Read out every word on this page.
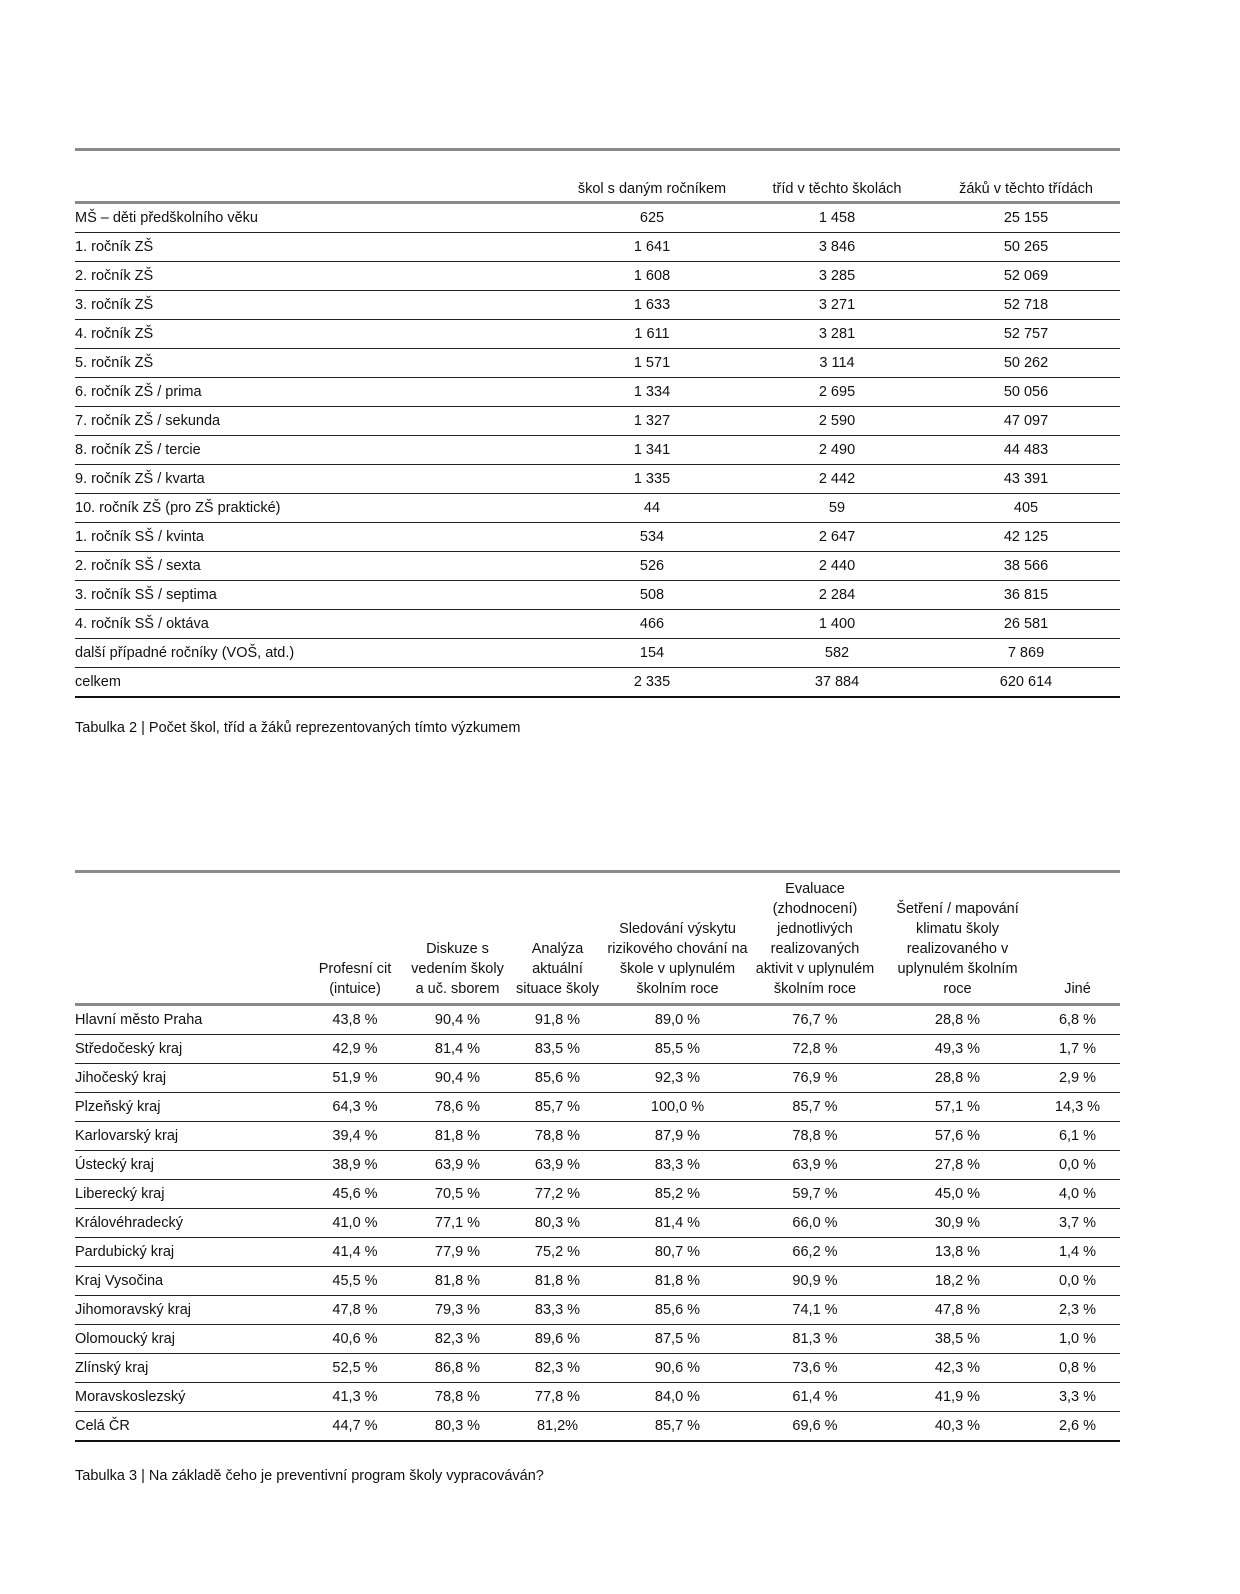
	škol s daným ročníkem	tříd v těchto školách	žáků v těchto třídách
MŠ – děti předškolního věku	625	1 458	25 155
1. ročník ZŠ	1 641	3 846	50 265
2. ročník ZŠ	1 608	3 285	52 069
3. ročník ZŠ	1 633	3 271	52 718
4. ročník ZŠ	1 611	3 281	52 757
5. ročník ZŠ	1 571	3 114	50 262
6. ročník ZŠ / prima	1 334	2 695	50 056
7. ročník ZŠ / sekunda	1 327	2 590	47 097
8. ročník ZŠ / tercie	1 341	2 490	44 483
9. ročník ZŠ / kvarta	1 335	2 442	43 391
10. ročník ZŠ (pro ZŠ praktické)	44	59	405
1. ročník SŠ / kvinta	534	2 647	42 125
2. ročník SŠ / sexta	526	2 440	38 566
3. ročník SŠ / septima	508	2 284	36 815
4. ročník SŠ / oktáva	466	1 400	26 581
další případné ročníky (VOŠ, atd.)	154	582	7 869
celkem	2 335	37 884	620 614
Tabulka 2 | Počet škol, tříd a žáků reprezentovaných tímto výzkumem
	Profesní cit (intuice)	Diskuze s vedením školy a uč. sborem	Analýza aktuální situace školy	Sledování výskytu rizikového chování na škole v uplynulém školním roce	Evaluace (zhodnocení) jednotlivých realizovaných aktivit v uplynulém školním roce	Šetření / mapování klimatu školy realizovaného v uplynulém školním roce	Jiné
Hlavní město Praha	43,8 %	90,4 %	91,8 %	89,0 %	76,7 %	28,8 %	6,8 %
Středočeský kraj	42,9 %	81,4 %	83,5 %	85,5 %	72,8 %	49,3 %	1,7 %
Jihočeský kraj	51,9 %	90,4 %	85,6 %	92,3 %	76,9 %	28,8 %	2,9 %
Plzeňský kraj	64,3 %	78,6 %	85,7 %	100,0 %	85,7 %	57,1 %	14,3 %
Karlovarský kraj	39,4 %	81,8 %	78,8 %	87,9 %	78,8 %	57,6 %	6,1 %
Ústecký kraj	38,9 %	63,9 %	63,9 %	83,3 %	63,9 %	27,8 %	0,0 %
Liberecký kraj	45,6 %	70,5 %	77,2 %	85,2 %	59,7 %	45,0 %	4,0 %
Královéhradecký	41,0 %	77,1 %	80,3 %	81,4 %	66,0 %	30,9 %	3,7 %
Pardubický kraj	41,4 %	77,9 %	75,2 %	80,7 %	66,2 %	13,8 %	1,4 %
Kraj Vysočina	45,5 %	81,8 %	81,8 %	81,8 %	90,9 %	18,2 %	0,0 %
Jihomoravský kraj	47,8 %	79,3 %	83,3 %	85,6 %	74,1 %	47,8 %	2,3 %
Olomoucký kraj	40,6 %	82,3 %	89,6 %	87,5 %	81,3 %	38,5 %	1,0 %
Zlínský kraj	52,5 %	86,8 %	82,3 %	90,6 %	73,6 %	42,3 %	0,8 %
Moravskoslezský	41,3 %	78,8 %	77,8 %	84,0 %	61,4 %	41,9 %	3,3 %
Celá ČR	44,7 %	80,3 %	81,2%	85,7 %	69,6 %	40,3 %	2,6 %
Tabulka 3 | Na základě čeho je preventivní program školy vypracováván?
